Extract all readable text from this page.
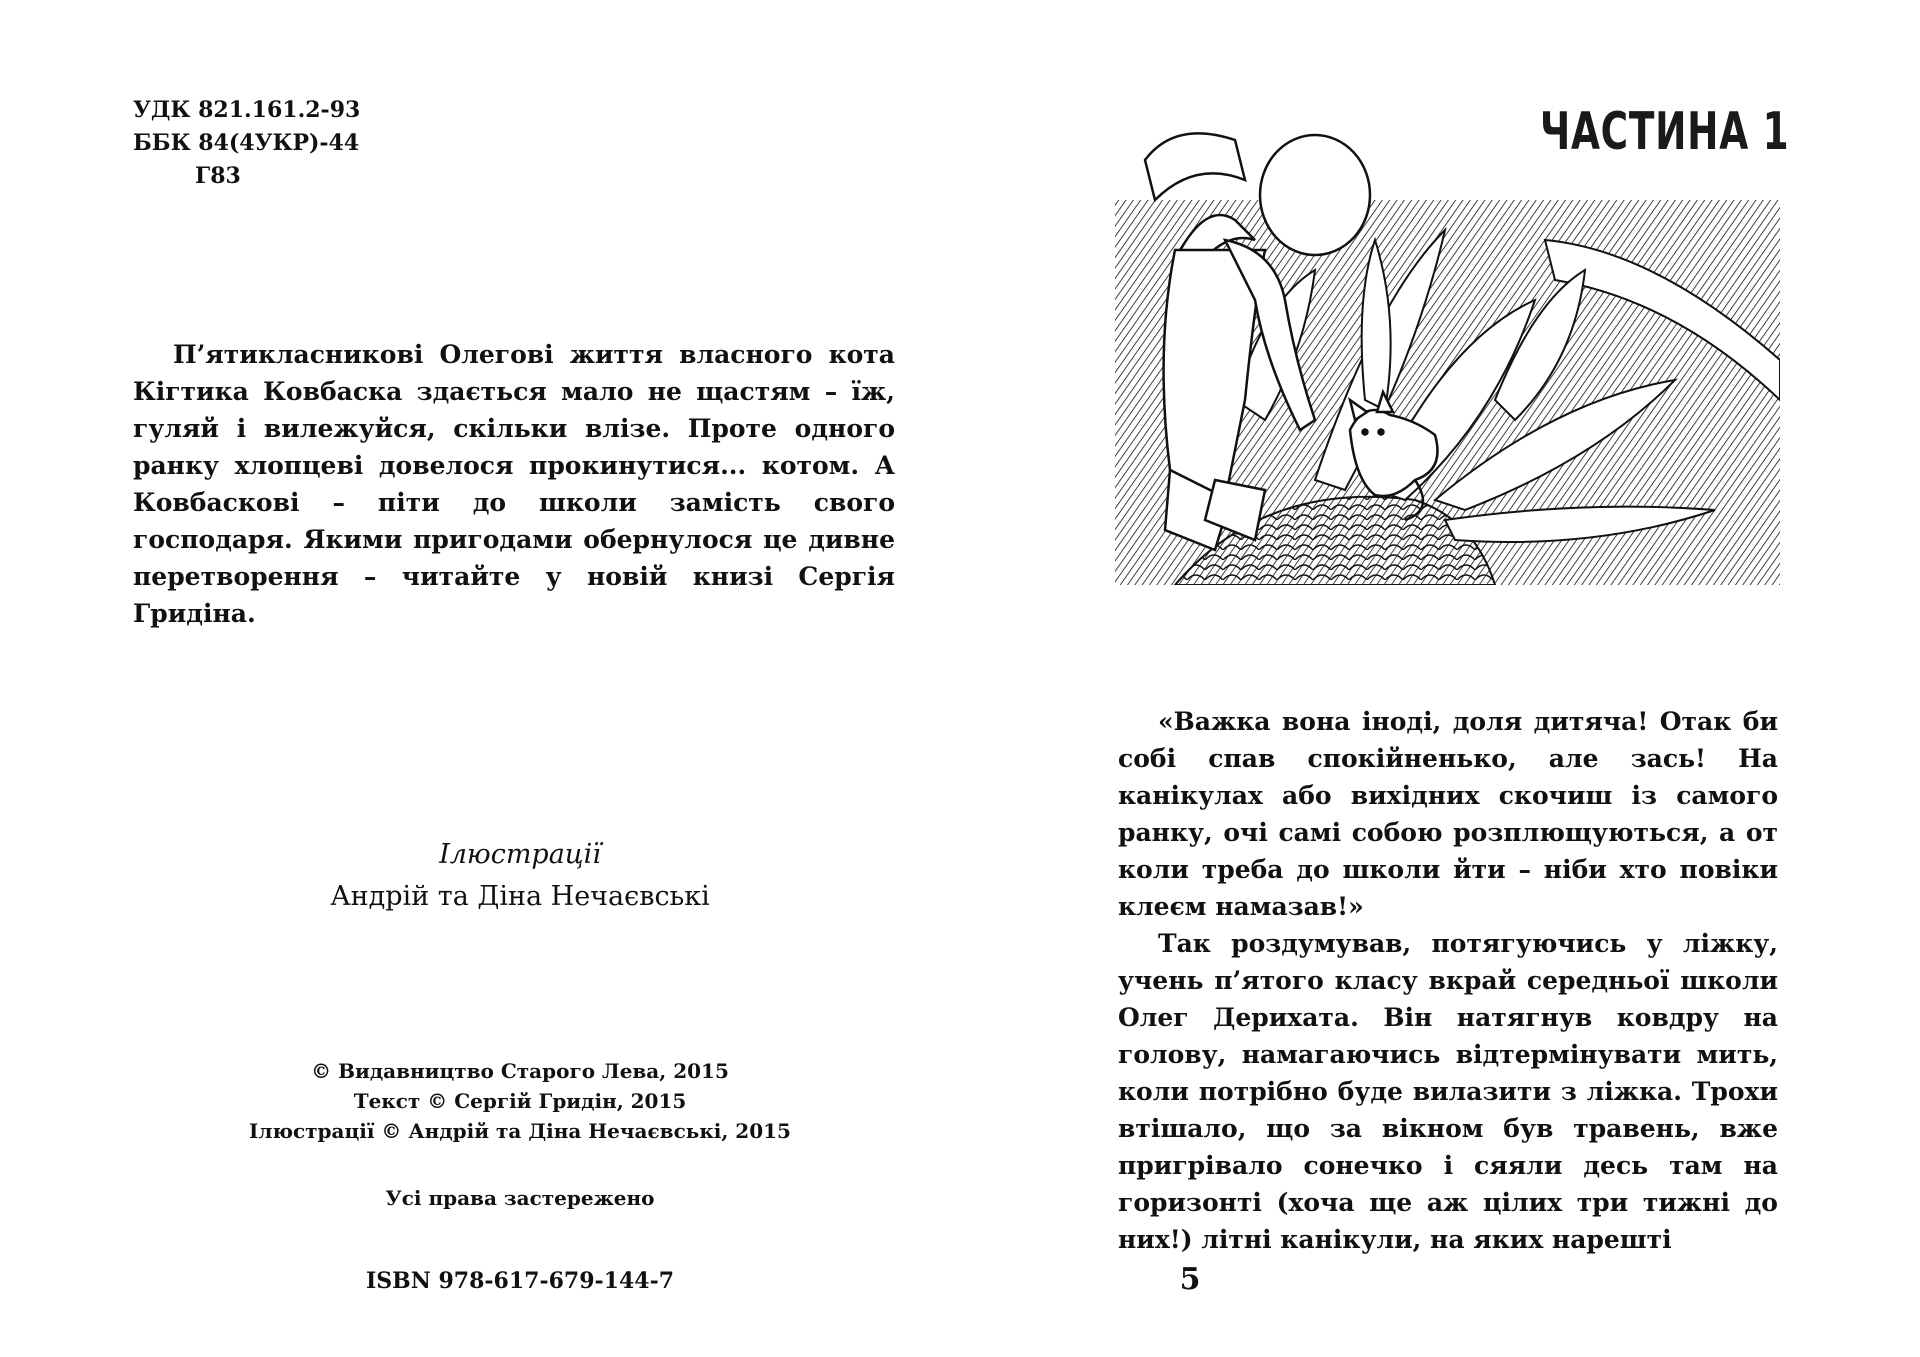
УДК 821.161.2-93
ББК 84(4УКР)-44
Г83

П’ятикласникові Олегові життя власного кота Кігтика Ковбаска здається мало не щастям – їж, гуляй і вилежуйся, скільки влізе. Проте одного ранку хлопцеві довелося прокинутися... котом. А Ковбаскові – піти до школи замість свого господаря. Якими пригодами обернулося це дивне перетворення – читайте у новій книзі Сергія Гридіна.

Ілюстрації
Андрій та Діна Нечаєвські
© Видавництво Старого Лева, 2015
Текст © Сергій Гридін, 2015
Ілюстрації © Андрій та Діна Нечаєвські, 2015
Усі права застережено
ISBN 978-617-679-144-7
ЧАСТИНА 1

«Важка вона іноді, доля дитяча! Отак би собі спав спокійненько, але зась! На канікулах або вихідних скочиш із самого ранку, очі самі собою розплющуються, а от коли треба до школи йти – ніби хто повіки клеєм намазав!»

Так роздумував, потягуючись у ліжку, учень п’ятого класу вкрай середньої школи Олег Дерихата. Він натягнув ковдру на голову, намагаючись відтермінувати мить, коли потрібно буде вилазити з ліжка. Трохи втішало, що за вікном був травень, вже пригрівало сонечко і сяяли десь там на горизонті (хоча ще аж цілих три тижні до них!) літні канікули, на яких нарешті

5
